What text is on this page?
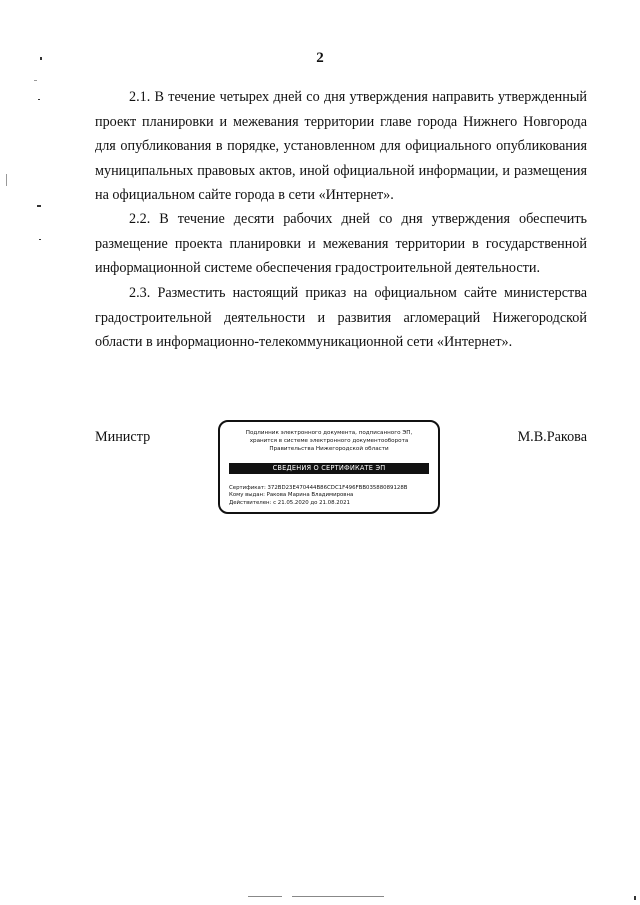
2

2.1. В течение четырех дней со дня утверждения направить утвержденный проект планировки и межевания территории главе города Нижнего Новгорода для опубликования в порядке, установленном для официального опубликования муниципальных правовых актов, иной официальной информации, и размещения на официальном сайте города в сети «Интернет».

2.2. В течение десяти рабочих дней со дня утверждения обеспечить размещение проекта планировки и межевания территории в государственной информационной системе обеспечения градостроительной деятельности.

2.3. Разместить настоящий приказ на официальном сайте министерства градостроительной деятельности и развития агломераций Нижегородской области в информационно-телекоммуникационной сети «Интернет».

Министр	Подлинник электронного документа, подписанного ЭП,
хранится в системе электронного документооборота
Правительства Нижегородской области
СВЕДЕНИЯ О СЕРТИФИКАТЕ ЭП
Сертификат: 372BD23E470444B86CDC1F496FBB03588089128B
Кому выдан: Ракова Марина Владимировна
Действителен: с 21.05.2020 до 21.08.2021
М.В.Ракова
